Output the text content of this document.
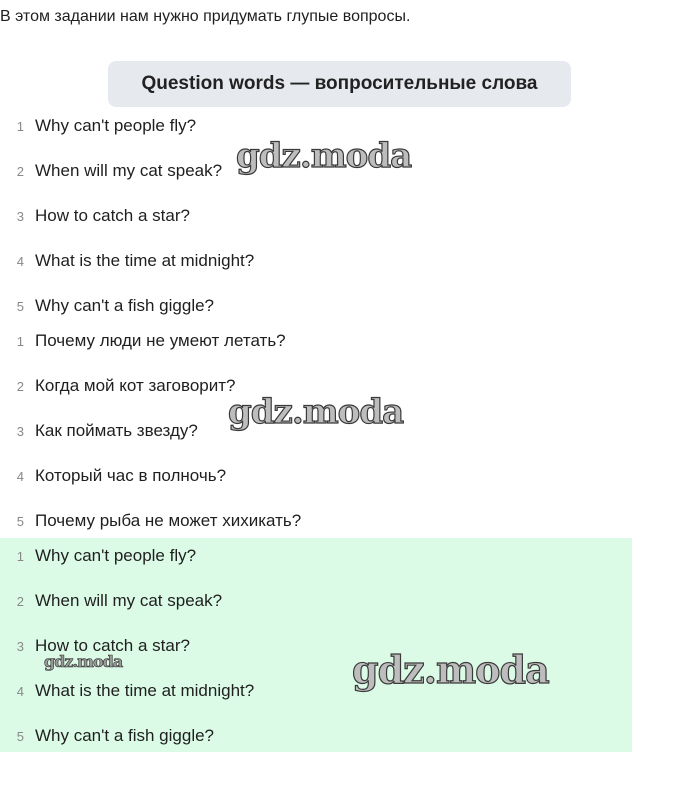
В этом задании нам нужно придумать глупые вопросы.
Question words — вопросительные слова
1 Why can't people fly?
2 When will my cat speak?
3 How to catch a star?
4 What is the time at midnight?
5 Why can't a fish giggle?
1 Почему люди не умеют летать?
2 Когда мой кот заговорит?
3 Как поймать звезду?
4 Который час в полночь?
5 Почему рыба не может хихикать?
1 Why can't people fly?
2 When will my cat speak?
3 How to catch a star?
4 What is the time at midnight?
5 Why can't a fish giggle?
gdz.moda
gdz.moda
gdz.moda	gdz.moda
